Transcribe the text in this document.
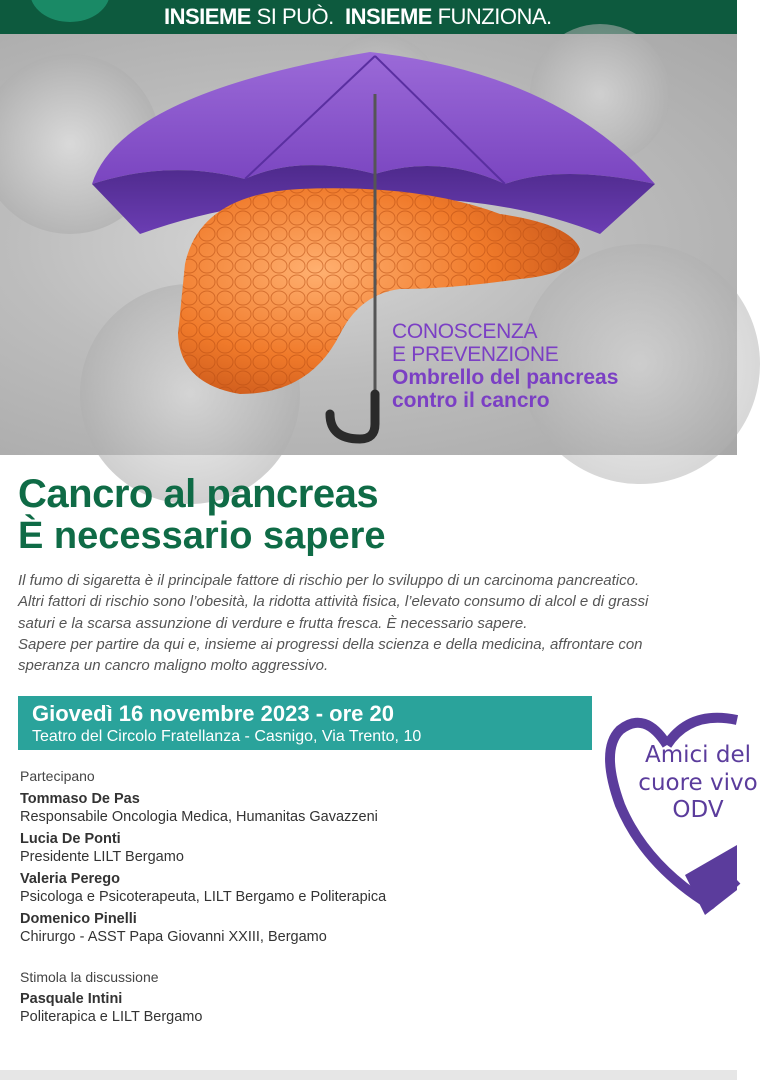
INSIEME SI PUÒ. INSIEME FUNZIONA.
CONOSCENZA
E PREVENZIONE
Ombrello del pancreas
contro il cancro
Cancro al pancreas
È necessario sapere
Il fumo di sigaretta è il principale fattore di rischio per lo sviluppo di un carcinoma pancreatico.
Altri fattori di rischio sono l’obesità, la ridotta attività fisica, l’elevato consumo di alcol e di grassi
saturi e la scarsa assunzione di verdure e frutta fresca. È necessario sapere.
Sapere per partire da qui e, insieme ai progressi della scienza e della medicina, affrontare con
speranza un cancro maligno molto aggressivo.
Giovedì 16 novembre 2023 - ore 20
Teatro del Circolo Fratellanza - Casnigo, Via Trento, 10
Partecipano
Tommaso De Pas
Responsabile Oncologia Medica, Humanitas Gavazzeni
Lucia De Ponti
Presidente LILT Bergamo
Valeria Perego
Psicologa e Psicoterapeuta, LILT Bergamo e Politerapica
Domenico Pinelli
Chirurgo - ASST Papa Giovanni XXIII, Bergamo
Stimola la discussione
Pasquale Intini
Politerapica e LILT Bergamo
Amici del
cuore vivo
ODV
